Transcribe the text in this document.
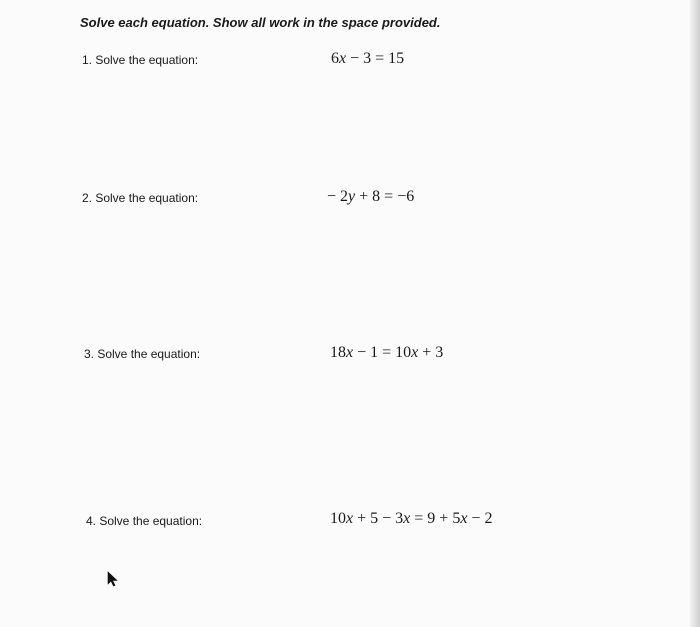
Solve each equation. Show all work in the space provided.
1. Solve the equation:	6x − 3 = 15
2. Solve the equation:	− 2y + 8 = −6
3. Solve the equation:	18x − 1 = 10x + 3
4. Solve the equation:	10x + 5 − 3x = 9 + 5x − 2
